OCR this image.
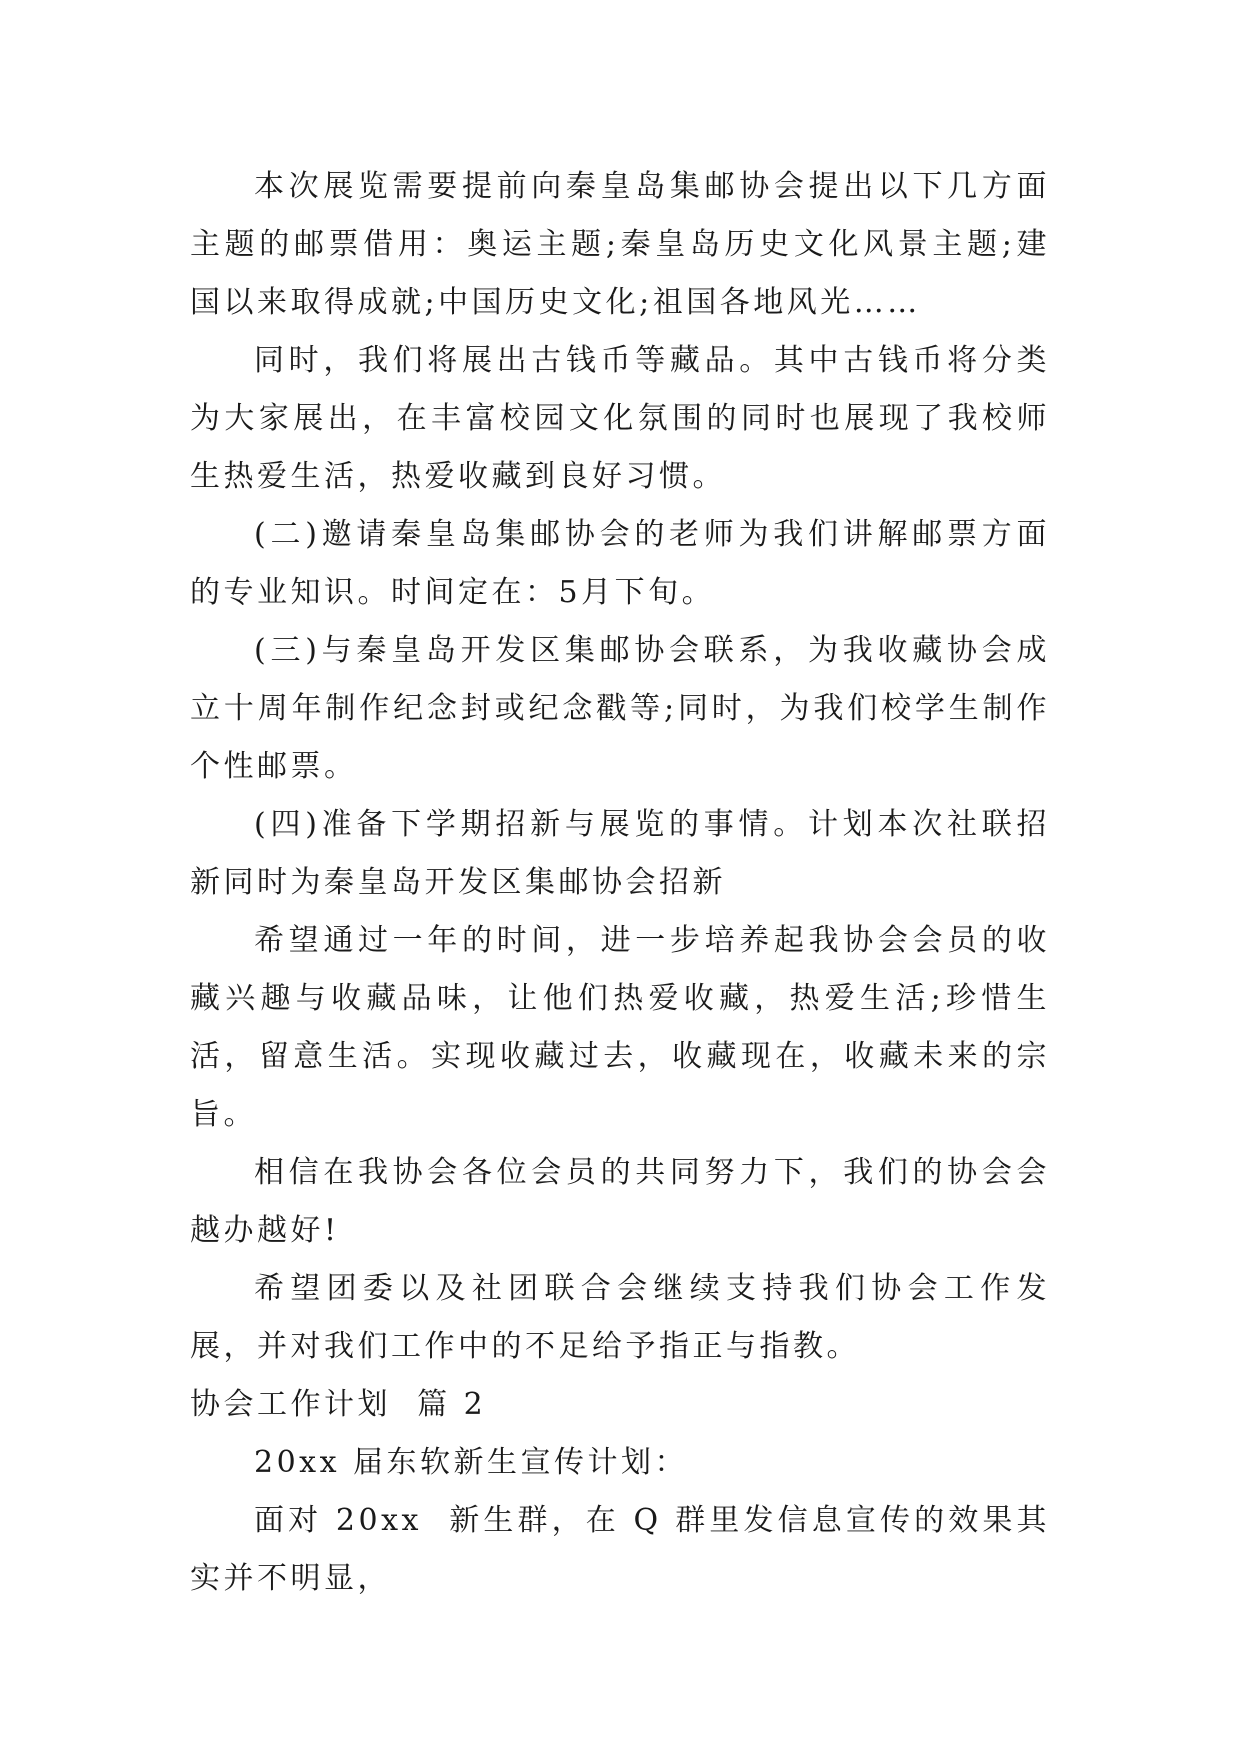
本次展览需要提前向秦皇岛集邮协会提出以下几方面主题的邮票借用：奥运主题;秦皇岛历史文化风景主题;建国以来取得成就;中国历史文化;祖国各地风光……

同时，我们将展出古钱币等藏品。其中古钱币将分类为大家展出，在丰富校园文化氛围的同时也展现了我校师生热爱生活，热爱收藏到良好习惯。

(二)邀请秦皇岛集邮协会的老师为我们讲解邮票方面的专业知识。时间定在：5月下旬。

(三)与秦皇岛开发区集邮协会联系，为我收藏协会成立十周年制作纪念封或纪念戳等;同时，为我们校学生制作个性邮票。

(四)准备下学期招新与展览的事情。计划本次社联招新同时为秦皇岛开发区集邮协会招新

希望通过一年的时间，进一步培养起我协会会员的收藏兴趣与收藏品味，让他们热爱收藏，热爱生活;珍惜生活，留意生活。实现收藏过去，收藏现在，收藏未来的宗旨。

相信在我协会各位会员的共同努力下，我们的协会会越办越好!

希望团委以及社团联合会继续支持我们协会工作发展，并对我们工作中的不足给予指正与指教。

协会工作计划  篇 2

20xx 届东软新生宣传计划：

面对 20xx  新生群，在 Q 群里发信息宣传的效果其实并不明显，
